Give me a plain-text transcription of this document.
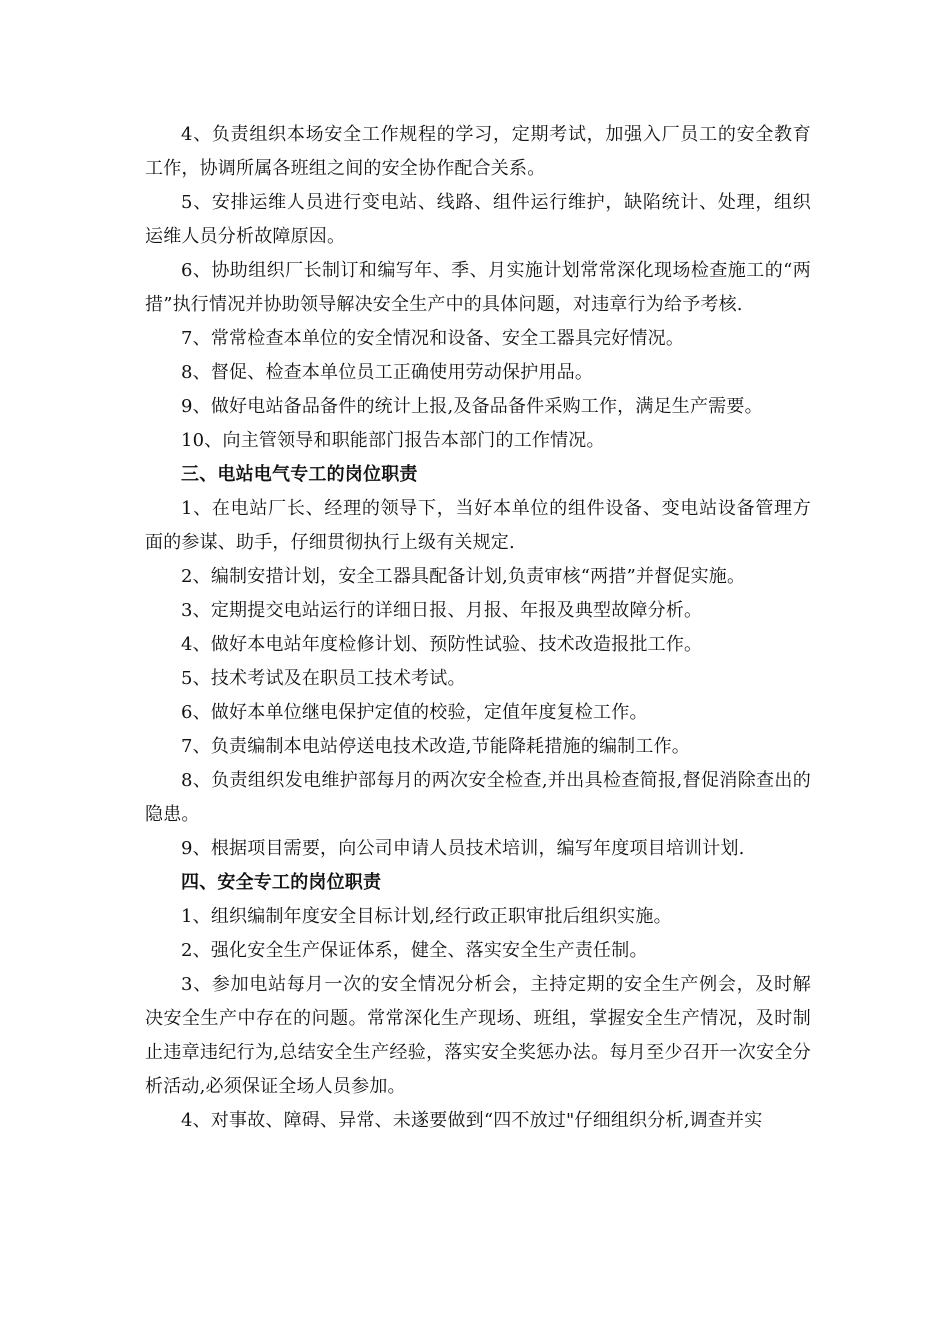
4、负责组织本场安全工作规程的学习，定期考试，加强入厂员工的安全教育工作，协调所属各班组之间的安全协作配合关系。

5、安排运维人员进行变电站、线路、组件运行维护，缺陷统计、处理，组织运维人员分析故障原因。

6、协助组织厂长制订和编写年、季、月实施计划常常深化现场检查施工的“两措”执行情况并协助领导解决安全生产中的具体问题，对违章行为给予考核.

7、常常检查本单位的安全情况和设备、安全工器具完好情况。

8、督促、检查本单位员工正确使用劳动保护用品。

9、做好电站备品备件的统计上报,及备品备件采购工作，满足生产需要。

10、向主管领导和职能部门报告本部门的工作情况。

三、电站电气专工的岗位职责

1、在电站厂长、经理的领导下，当好本单位的组件设备、变电站设备管理方面的参谋、助手，仔细贯彻执行上级有关规定.

2、编制安措计划，安全工器具配备计划,负责审核“两措”并督促实施。

3、定期提交电站运行的详细日报、月报、年报及典型故障分析。

4、做好本电站年度检修计划、预防性试验、技术改造报批工作。

5、技术考试及在职员工技术考试。

6、做好本单位继电保护定值的校验，定值年度复检工作。

7、负责编制本电站停送电技术改造,节能降耗措施的编制工作。

8、负责组织发电维护部每月的两次安全检查,并出具检查简报,督促消除查出的隐患。

9、根据项目需要，向公司申请人员技术培训，编写年度项目培训计划.

四、安全专工的岗位职责

1、组织编制年度安全目标计划,经行政正职审批后组织实施。

2、强化安全生产保证体系，健全、落实安全生产责任制。

3、参加电站每月一次的安全情况分析会，主持定期的安全生产例会，及时解决安全生产中存在的问题。常常深化生产现场、班组，掌握安全生产情况，及时制止违章违纪行为,总结安全生产经验，落实安全奖惩办法。每月至少召开一次安全分析活动,必须保证全场人员参加。

4、对事故、障碍、异常、未遂要做到“四不放过"仔细组织分析,调查并实
